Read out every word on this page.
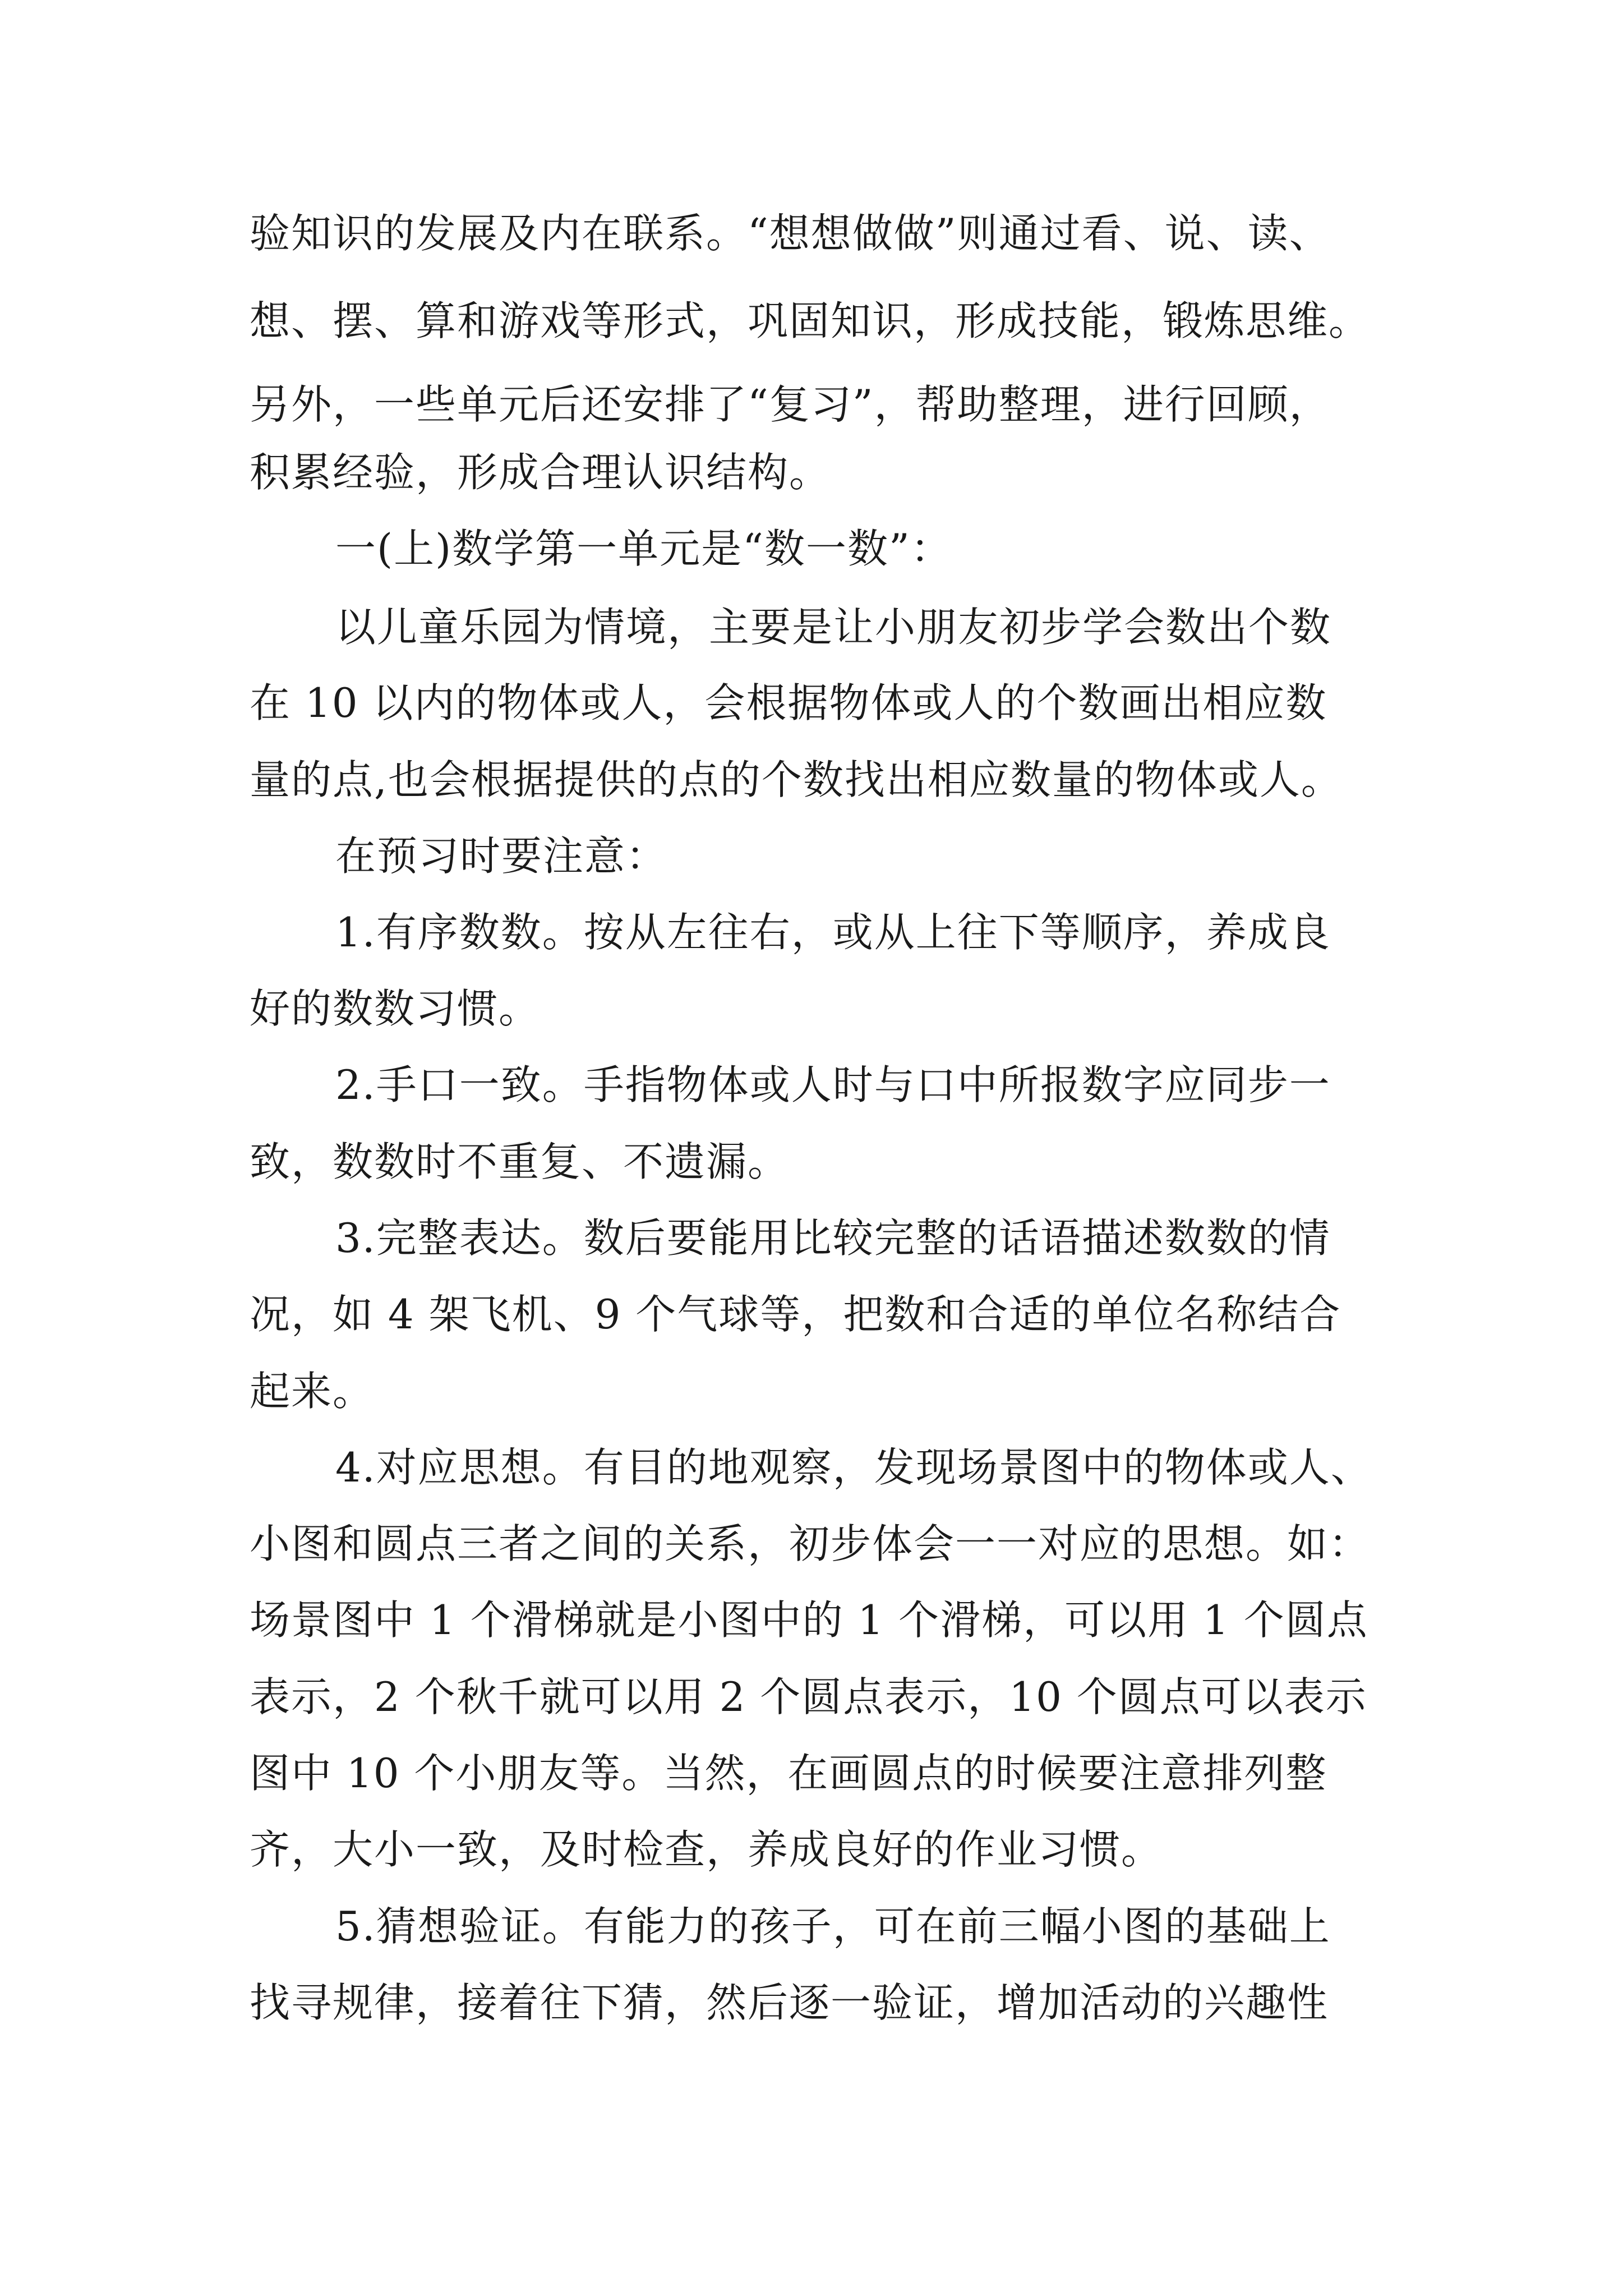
验知识的发展及内在联系。“想想做做”则通过看、说、读、
想、摆、算和游戏等形式，巩固知识，形成技能，锻炼思维。
另外，一些单元后还安排了“复习”，帮助整理，进行回顾，
积累经验，形成合理认识结构。
一(上)数学第一单元是“数一数”：
以儿童乐园为情境，主要是让小朋友初步学会数出个数
在 10 以内的物体或人，会根据物体或人的个数画出相应数
量的点,也会根据提供的点的个数找出相应数量的物体或人。
在预习时要注意：
1.有序数数。按从左往右，或从上往下等顺序，养成良
好的数数习惯。
2.手口一致。手指物体或人时与口中所报数字应同步一
致，数数时不重复、不遗漏。
3.完整表达。数后要能用比较完整的话语描述数数的情
况，如 4 架飞机、9 个气球等，把数和合适的单位名称结合
起来。
4.对应思想。有目的地观察，发现场景图中的物体或人、
小图和圆点三者之间的关系，初步体会一一对应的思想。如：
场景图中 1 个滑梯就是小图中的 1 个滑梯，可以用 1 个圆点
表示，2 个秋千就可以用 2 个圆点表示，10 个圆点可以表示
图中 10 个小朋友等。当然，在画圆点的时候要注意排列整
齐，大小一致，及时检查，养成良好的作业习惯。
5.猜想验证。有能力的孩子，可在前三幅小图的基础上
找寻规律，接着往下猜，然后逐一验证，增加活动的兴趣性
